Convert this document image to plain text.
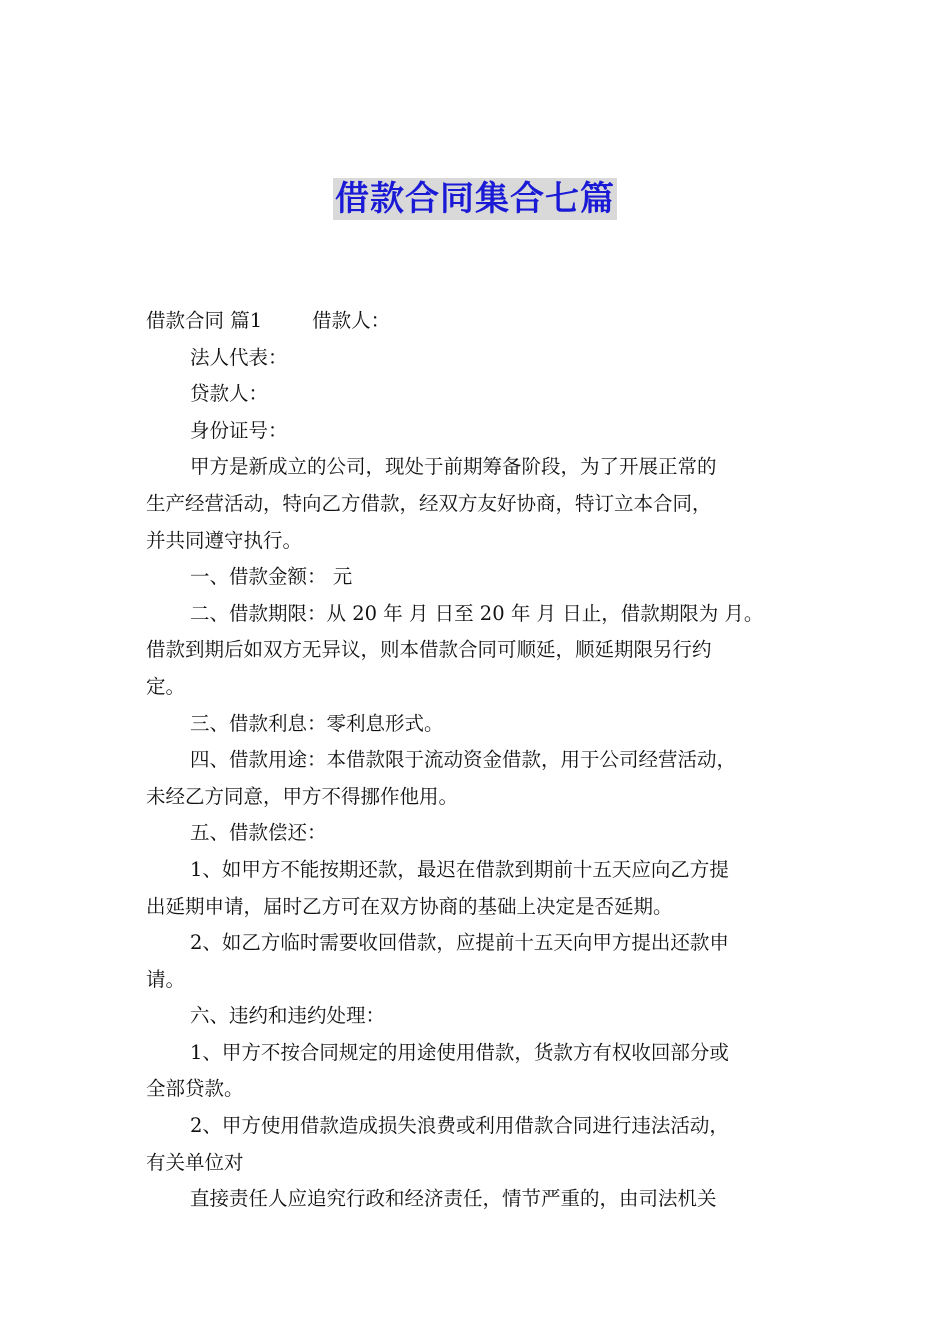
借款合同集合七篇

借款合同 篇1	借款人：

法人代表：

贷款人：

身份证号：

甲方是新成立的公司，现处于前期筹备阶段，为了开展正常的

生产经营活动，特向乙方借款，经双方友好协商，特订立本合同，

并共同遵守执行。

一、借款金额： 元

二、借款期限：从 20 年 月 日至 20 年 月 日止，借款期限为 月。

借款到期后如双方无异议，则本借款合同可顺延，顺延期限另行约

定。

三、借款利息：零利息形式。

四、借款用途：本借款限于流动资金借款，用于公司经营活动，

未经乙方同意，甲方不得挪作他用。

五、借款偿还：

1、如甲方不能按期还款，最迟在借款到期前十五天应向乙方提

出延期申请，届时乙方可在双方协商的基础上决定是否延期。

2、如乙方临时需要收回借款，应提前十五天向甲方提出还款申

请。

六、违约和违约处理：

1、甲方不按合同规定的用途使用借款，货款方有权收回部分或

全部贷款。

2、甲方使用借款造成损失浪费或利用借款合同进行违法活动，

有关单位对

直接责任人应追究行政和经济责任，情节严重的，由司法机关
